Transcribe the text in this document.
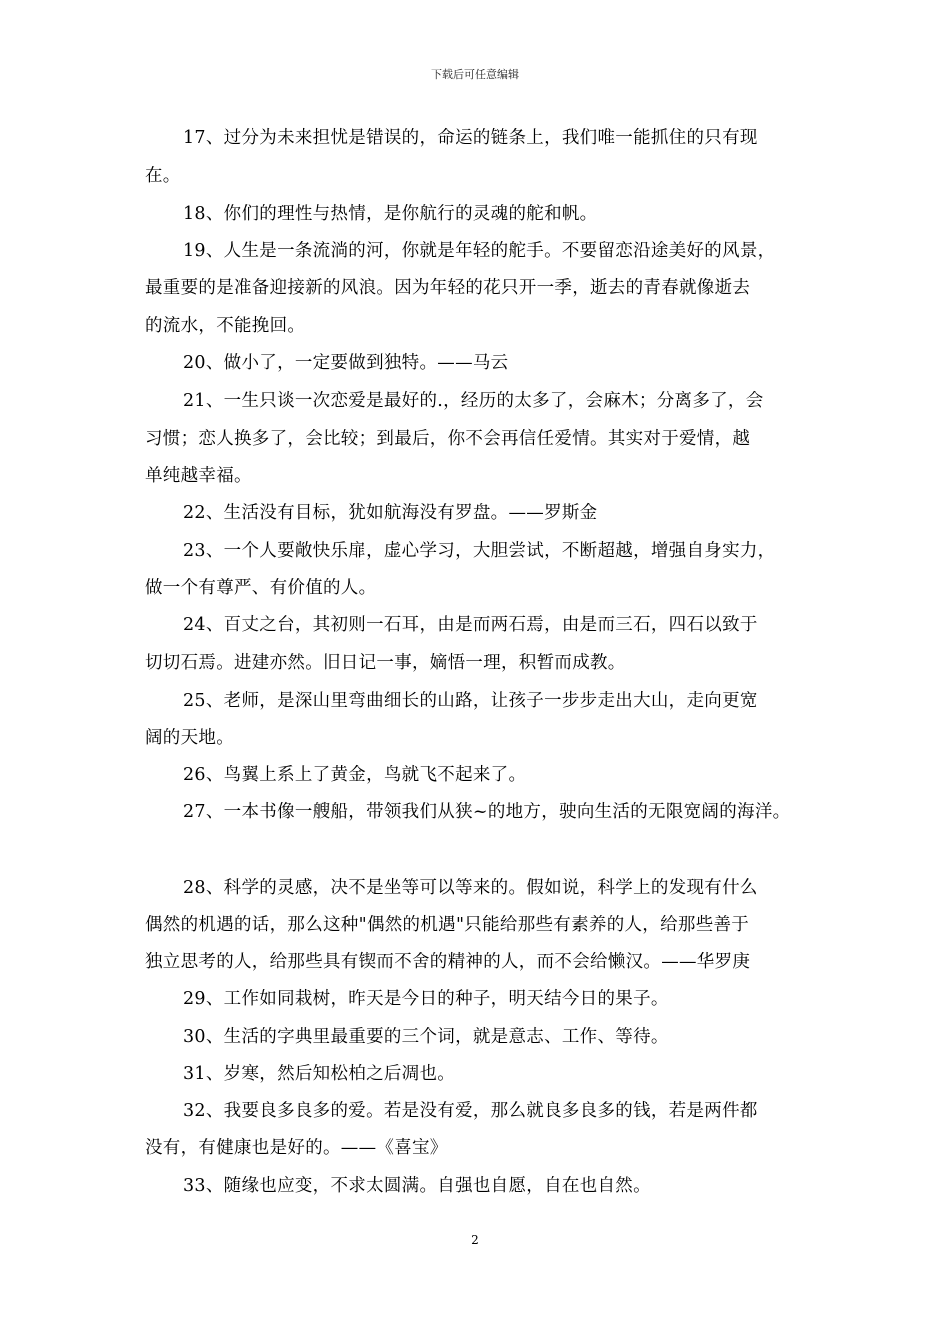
下载后可任意编辑
17、过分为未来担忧是错误的，命运的链条上，我们唯一能抓住的只有现
在。
18、你们的理性与热情，是你航行的灵魂的舵和帆。
19、人生是一条流淌的河，你就是年轻的舵手。不要留恋沿途美好的风景，
最重要的是准备迎接新的风浪。因为年轻的花只开一季，逝去的青春就像逝去
的流水，不能挽回。
20、做小了，一定要做到独特。——马云
21、一生只谈一次恋爱是最好的.，经历的太多了，会麻木；分离多了，会
习惯；恋人换多了，会比较；到最后，你不会再信任爱情。其实对于爱情，越
单纯越幸福。
22、生活没有目标，犹如航海没有罗盘。——罗斯金
23、一个人要敞快乐扉，虚心学习，大胆尝试，不断超越，增强自身实力，
做一个有尊严、有价值的人。
24、百丈之台，其初则一石耳，由是而两石焉，由是而三石，四石以致于
切切石焉。进建亦然。旧日记一事，嫡悟一理，积暂而成教。
25、老师，是深山里弯曲细长的山路，让孩子一步步走出大山，走向更宽
阔的天地。
26、鸟翼上系上了黄金，鸟就飞不起来了。
27、一本书像一艘船，带领我们从狭~的地方，驶向生活的无限宽阔的海洋。
28、科学的灵感，决不是坐等可以等来的。假如说，科学上的发现有什么
偶然的机遇的话，那么这种"偶然的机遇"只能给那些有素养的人，给那些善于
独立思考的人，给那些具有锲而不舍的精神的人，而不会给懒汉。——华罗庚
29、工作如同栽树，昨天是今日的种子，明天结今日的果子。
30、生活的字典里最重要的三个词，就是意志、工作、等待。
31、岁寒，然后知松柏之后凋也。
32、我要良多良多的爱。若是没有爱，那么就良多良多的钱，若是两件都
没有，有健康也是好的。——《喜宝》
33、随缘也应变，不求太圆满。自强也自愿，自在也自然。
2
